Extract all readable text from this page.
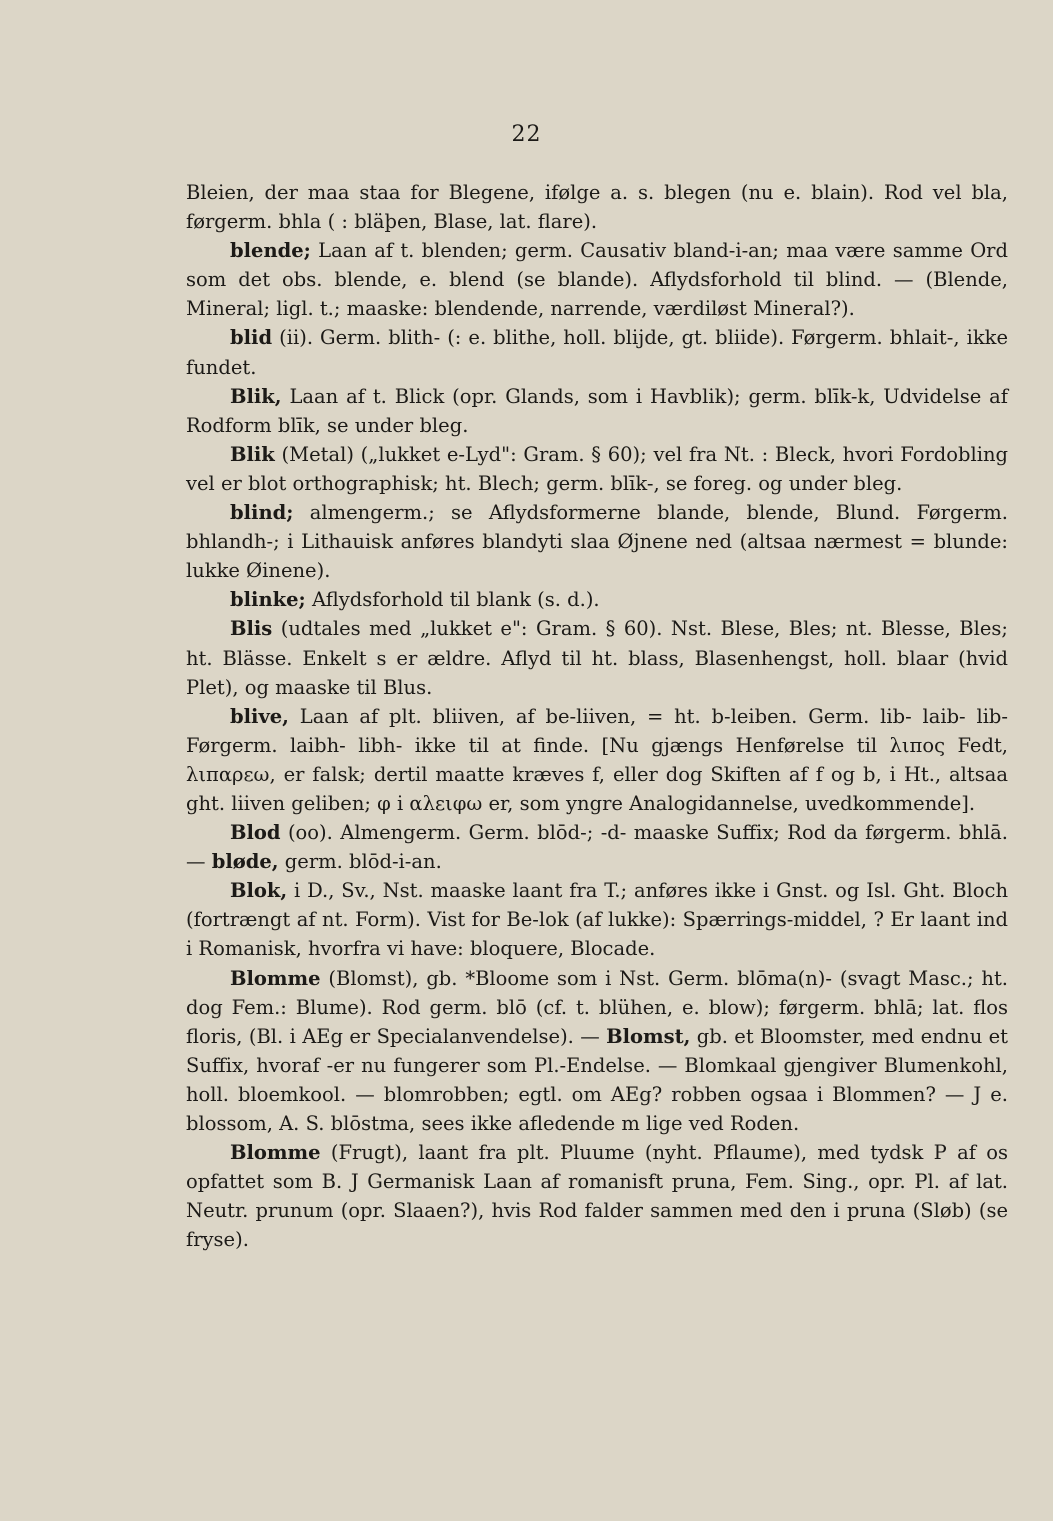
22

Bleien, der maa staa for Blegene, ifølge a. s. blegen (nu e. blain). Rod vel bla, førgerm. bhla ( : bläþen, Blase, lat. flare).

blende; Laan af t. blenden; germ. Causativ bland-i-an; maa være samme Ord som det obs. blende, e. blend (se blande). Aflydsforhold til blind. — (Blende, Mineral; ligl. t.; maaske: blendende, narrende, værdiløst Mineral?).

blid (ii). Germ. blith- (: e. blithe, holl. blijde, gt. bliide). Førgerm. bhlait-, ikke fundet.

Blik, Laan af t. Blick (opr. Glands, som i Havblik); germ. blīk-k, Udvidelse af Rodform blīk, se under bleg.

Blik (Metal) („lukket e-Lyd": Gram. § 60); vel fra Nt. : Bleck, hvori Fordobling vel er blot orthographisk; ht. Blech; germ. blīk-, se foreg. og under bleg.

blind; almengerm.; se Aflydsformerne blande, blende, Blund. Førgerm. bhlandh-; i Lithauisk anføres blandyti slaa Øjnene ned (altsaa nærmest = blunde: lukke Øinene).

blinke; Aflydsforhold til blank (s. d.).

Blis (udtales med „lukket e": Gram. § 60). Nst. Blese, Bles; nt. Blesse, Bles; ht. Blässe. Enkelt s er ældre. Aflyd til ht. blass, Blasenhengst, holl. blaar (hvid Plet), og maaske til Blus.

blive, Laan af plt. bliiven, af be-liiven, = ht. b-leiben. Germ. lib- laib- lib- Førgerm. laibh- libh- ikke til at finde. [Nu gjængs Henførelse til λιπος Fedt, λιπαρεω, er falsk; dertil maatte kræves f, eller dog Skiften af f og b, i Ht., altsaa ght. liiven geliben; φ i αλειφω er, som yngre Analogidannelse, uvedkommende].

Blod (oo). Almengerm. Germ. blōd-; -d- maaske Suffix; Rod da førgerm. bhlā. — bløde, germ. blōd-i-an.

Blok, i D., Sv., Nst. maaske laant fra T.; anføres ikke i Gnst. og Isl. Ght. Bloch (fortrængt af nt. Form). Vist for Be-lok (af lukke): Spærrings-middel, ? Er laant ind i Romanisk, hvorfra vi have: bloquere, Blocade.

Blomme (Blomst), gb. *Bloome som i Nst. Germ. blōma(n)- (svagt Masc.; ht. dog Fem.: Blume). Rod germ. blō (cf. t. blühen, e. blow); førgerm. bhlā; lat. flos floris, (Bl. i AEg er Specialanvendelse). — Blomst, gb. et Bloomster, med endnu et Suffix, hvoraf -er nu fungerer som Pl.-Endelse. — Blomkaal gjengiver Blumenkohl, holl. bloemkool. — blomrobben; egtl. om AEg? robben ogsaa i Blommen? — J e. blossom, A. S. blōstma, sees ikke afledende m lige ved Roden.

Blomme (Frugt), laant fra plt. Pluume (nyht. Pflaume), med tydsk P af os opfattet som B. J Germanisk Laan af romanisft pruna, Fem. Sing., opr. Pl. af lat. Neutr. prunum (opr. Slaaen?), hvis Rod falder sammen med den i pruna (Sløb) (se fryse).
